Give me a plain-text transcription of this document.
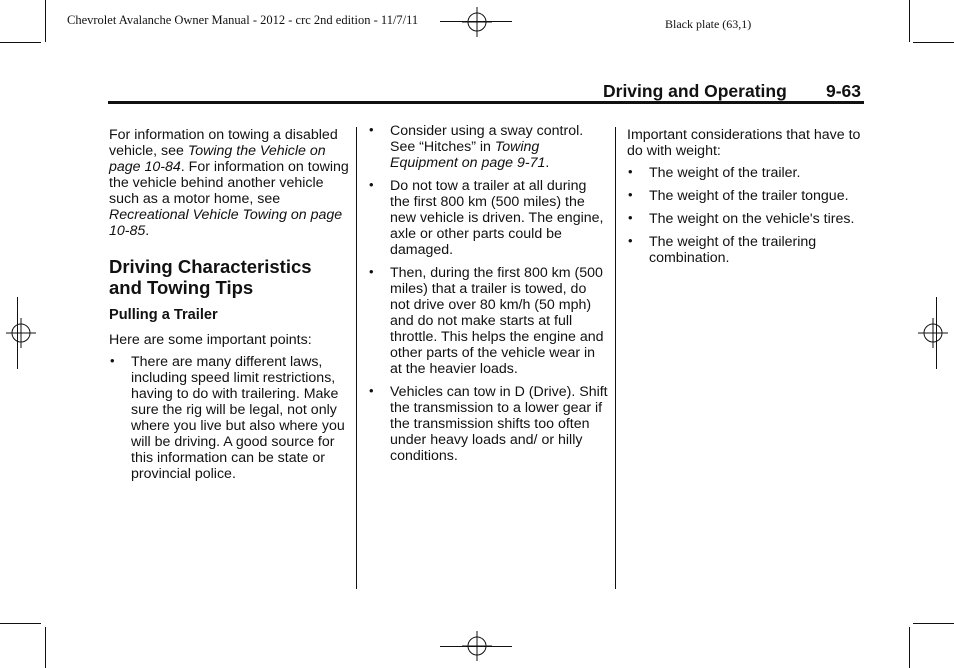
Chevrolet Avalanche Owner Manual - 2012 - crc 2nd edition - 11/7/11	Black plate (63,1)
Driving and Operating 9-63

For information on towing a disabled vehicle, see Towing the Vehicle on page 10-84. For information on towing the vehicle behind another vehicle such as a motor home, see Recreational Vehicle Towing on page 10-85.

Driving Characteristics and Towing Tips

Pulling a Trailer

Here are some important points:

• There are many different laws, including speed limit restrictions, having to do with trailering. Make sure the rig will be legal, not only where you live but also where you will be driving. A good source for this information can be state or provincial police.
• Consider using a sway control. See “Hitches” in Towing Equipment on page 9-71.
• Do not tow a trailer at all during the first 800 km (500 miles) the new vehicle is driven. The engine, axle or other parts could be damaged.
• Then, during the first 800 km (500 miles) that a trailer is towed, do not drive over 80 km/h (50 mph) and do not make starts at full throttle. This helps the engine and other parts of the vehicle wear in at the heavier loads.
• Vehicles can tow in D (Drive). Shift the transmission to a lower gear if the transmission shifts too often under heavy loads and/ or hilly conditions.

Important considerations that have to do with weight:

• The weight of the trailer.
• The weight of the trailer tongue.
• The weight on the vehicle's tires.
• The weight of the trailering combination.
